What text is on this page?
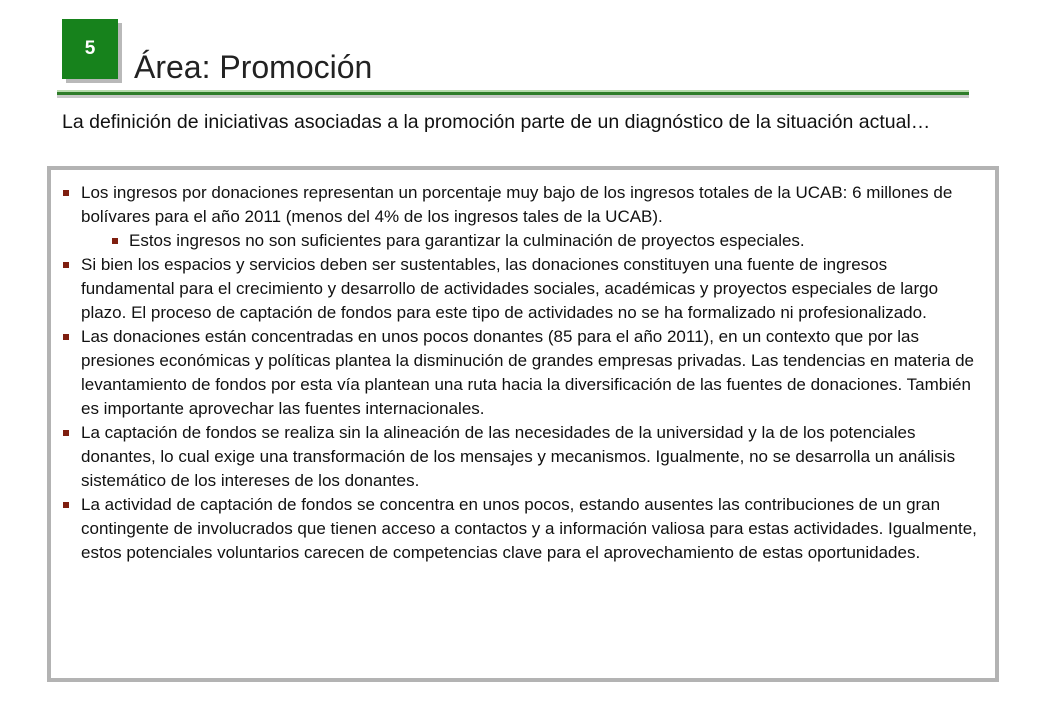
5
Área: Promoción
La definición de iniciativas asociadas a la promoción parte de un diagnóstico de la situación actual…
Los ingresos por donaciones representan un porcentaje muy bajo de los ingresos totales de la UCAB: 6 millones de bolívares para el año 2011 (menos del 4% de los ingresos tales de la UCAB).
Estos ingresos no son suficientes para garantizar la culminación de proyectos especiales.
Si bien los espacios y servicios deben ser sustentables, las donaciones constituyen una fuente de ingresos fundamental para el crecimiento y desarrollo de actividades sociales, académicas y proyectos especiales de largo plazo. El proceso de captación de fondos para este tipo de actividades no se ha formalizado ni profesionalizado.
Las donaciones están concentradas en unos pocos donantes (85 para el año 2011), en un contexto que por las presiones económicas y políticas plantea la disminución de grandes empresas privadas. Las tendencias en materia de levantamiento de fondos por esta vía plantean una ruta hacia la diversificación de las fuentes de donaciones. También es importante aprovechar las fuentes internacionales.
La captación de fondos se realiza sin la alineación de las necesidades de la universidad y la de los potenciales donantes, lo cual exige una transformación de los mensajes y mecanismos. Igualmente, no se desarrolla un análisis sistemático de los intereses de los donantes.
La actividad de captación de fondos se concentra en unos pocos, estando ausentes las contribuciones de un gran contingente de involucrados que tienen acceso a contactos y a información valiosa para estas actividades. Igualmente, estos potenciales voluntarios carecen de competencias clave para el aprovechamiento de estas oportunidades.
